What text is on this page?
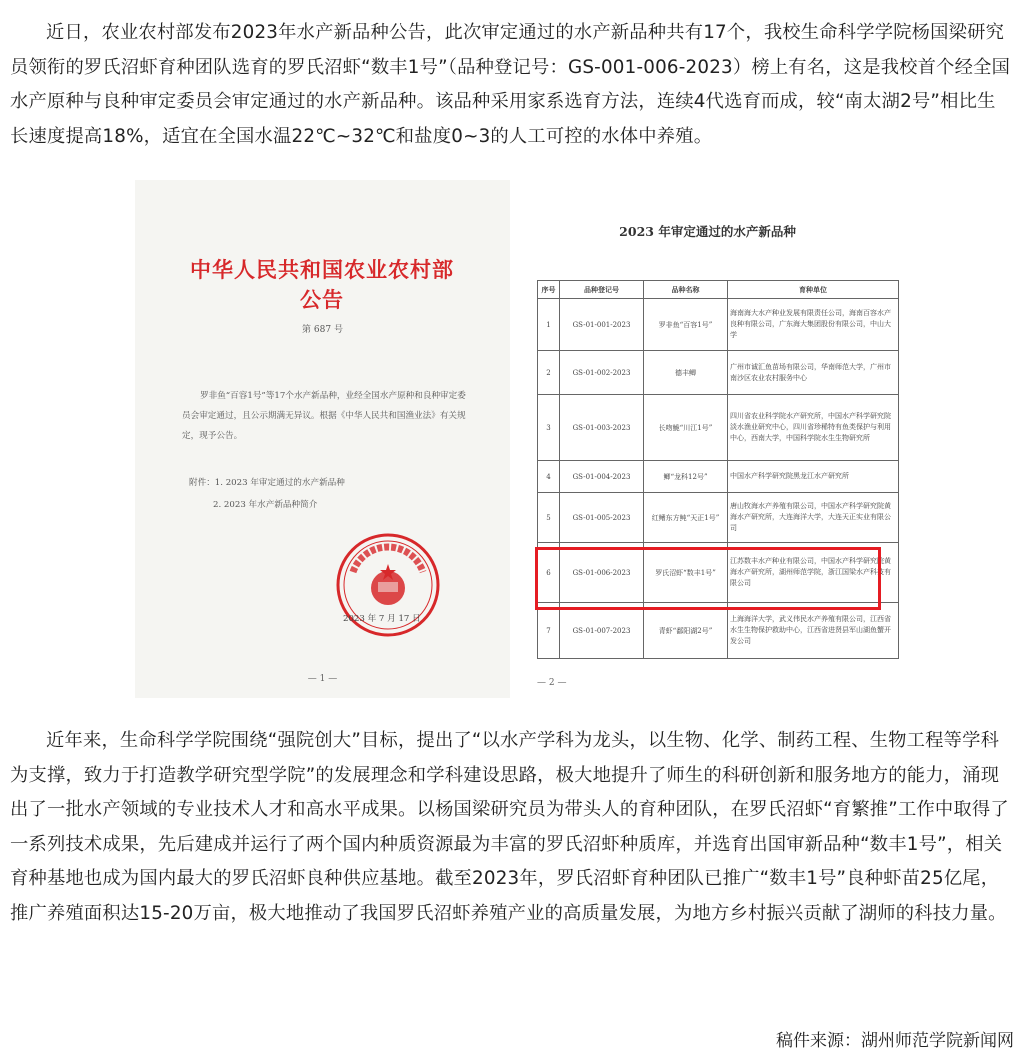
近日，农业农村部发布2023年水产新品种公告，此次审定通过的水产新品种共有17个，我校生命科学学院杨国梁研究员领衔的罗氏沼虾育种团队选育的罗氏沼虾“数丰1号”（品种登记号：GS-001-006-2023）榜上有名，这是我校首个经全国水产原种与良种审定委员会审定通过的水产新品种。该品种采用家系选育方法，连续4代选育而成，较“南太湖2号”相比生长速度提高18%，适宜在全国水温22℃~32℃和盐度0~3的人工可控的水体中养殖。

中华人民共和国农业农村部公告
第 687 号
罗非鱼“百容1号”等17个水产新品种，业经全国水产原种和良种审定委员会审定通过，且公示期满无异议。根据《中华人民共和国渔业法》有关规定，现予公告。
附件：1. 2023 年审定通过的水产新品种
2. 2023 年水产新品种简介
2023 年 7 月 17 日
— 1 —
2023 年审定通过的水产新品种
序号	品种登记号	品种名称	育种单位
1	GS-01-001-2023	罗非鱼“百容1号”	海南海大水产种业发展有限责任公司，海南百容水产良种有限公司，广东海大集团股份有限公司，中山大学
2	GS-01-002-2023	德丰鲫	广州市诚汇鱼苗场有限公司，华南师范大学，广州市南沙区农业农村服务中心
3	GS-01-003-2023	长吻鮠“川江1号”	四川省农业科学院水产研究所，中国水产科学研究院淡水渔业研究中心，四川省珍稀特有鱼类保护与利用中心，西南大学，中国科学院水生生物研究所
4	GS-01-004-2023	鲫“龙科12号”	中国水产科学研究院黑龙江水产研究所
5	GS-01-005-2023	红鳍东方鲀“天正1号”	唐山牧海水产养殖有限公司，中国水产科学研究院黄海水产研究所，大连海洋大学，大连天正实业有限公司
6	GS-01-006-2023	罗氏沼虾“数丰1号”	江苏数丰水产种业有限公司，中国水产科学研究院黄海水产研究所，湖州师范学院，浙江国梁水产科技有限公司
7	GS-01-007-2023	青虾“鄱阳湖2号”	上海海洋大学，武义伟民水产养殖有限公司，江西省水生生物保护救助中心，江西省进贤县军山湖鱼蟹开发公司
— 2 —

近年来，生命科学学院围绕“强院创大”目标，提出了“以水产学科为龙头，以生物、化学、制药工程、生物工程等学科为支撑，致力于打造教学研究型学院”的发展理念和学科建设思路，极大地提升了师生的科研创新和服务地方的能力，涌现出了一批水产领域的专业技术人才和高水平成果。以杨国梁研究员为带头人的育种团队，在罗氏沼虾“育繁推”工作中取得了一系列技术成果，先后建成并运行了两个国内种质资源最为丰富的罗氏沼虾种质库，并选育出国审新品种“数丰1号”，相关育种基地也成为国内最大的罗氏沼虾良种供应基地。截至2023年，罗氏沼虾育种团队已推广“数丰1号”良种虾苗25亿尾，推广养殖面积达15-20万亩，极大地推动了我国罗氏沼虾养殖产业的高质量发展，为地方乡村振兴贡献了湖师的科技力量。

稿件来源：湖州师范学院新闻网
